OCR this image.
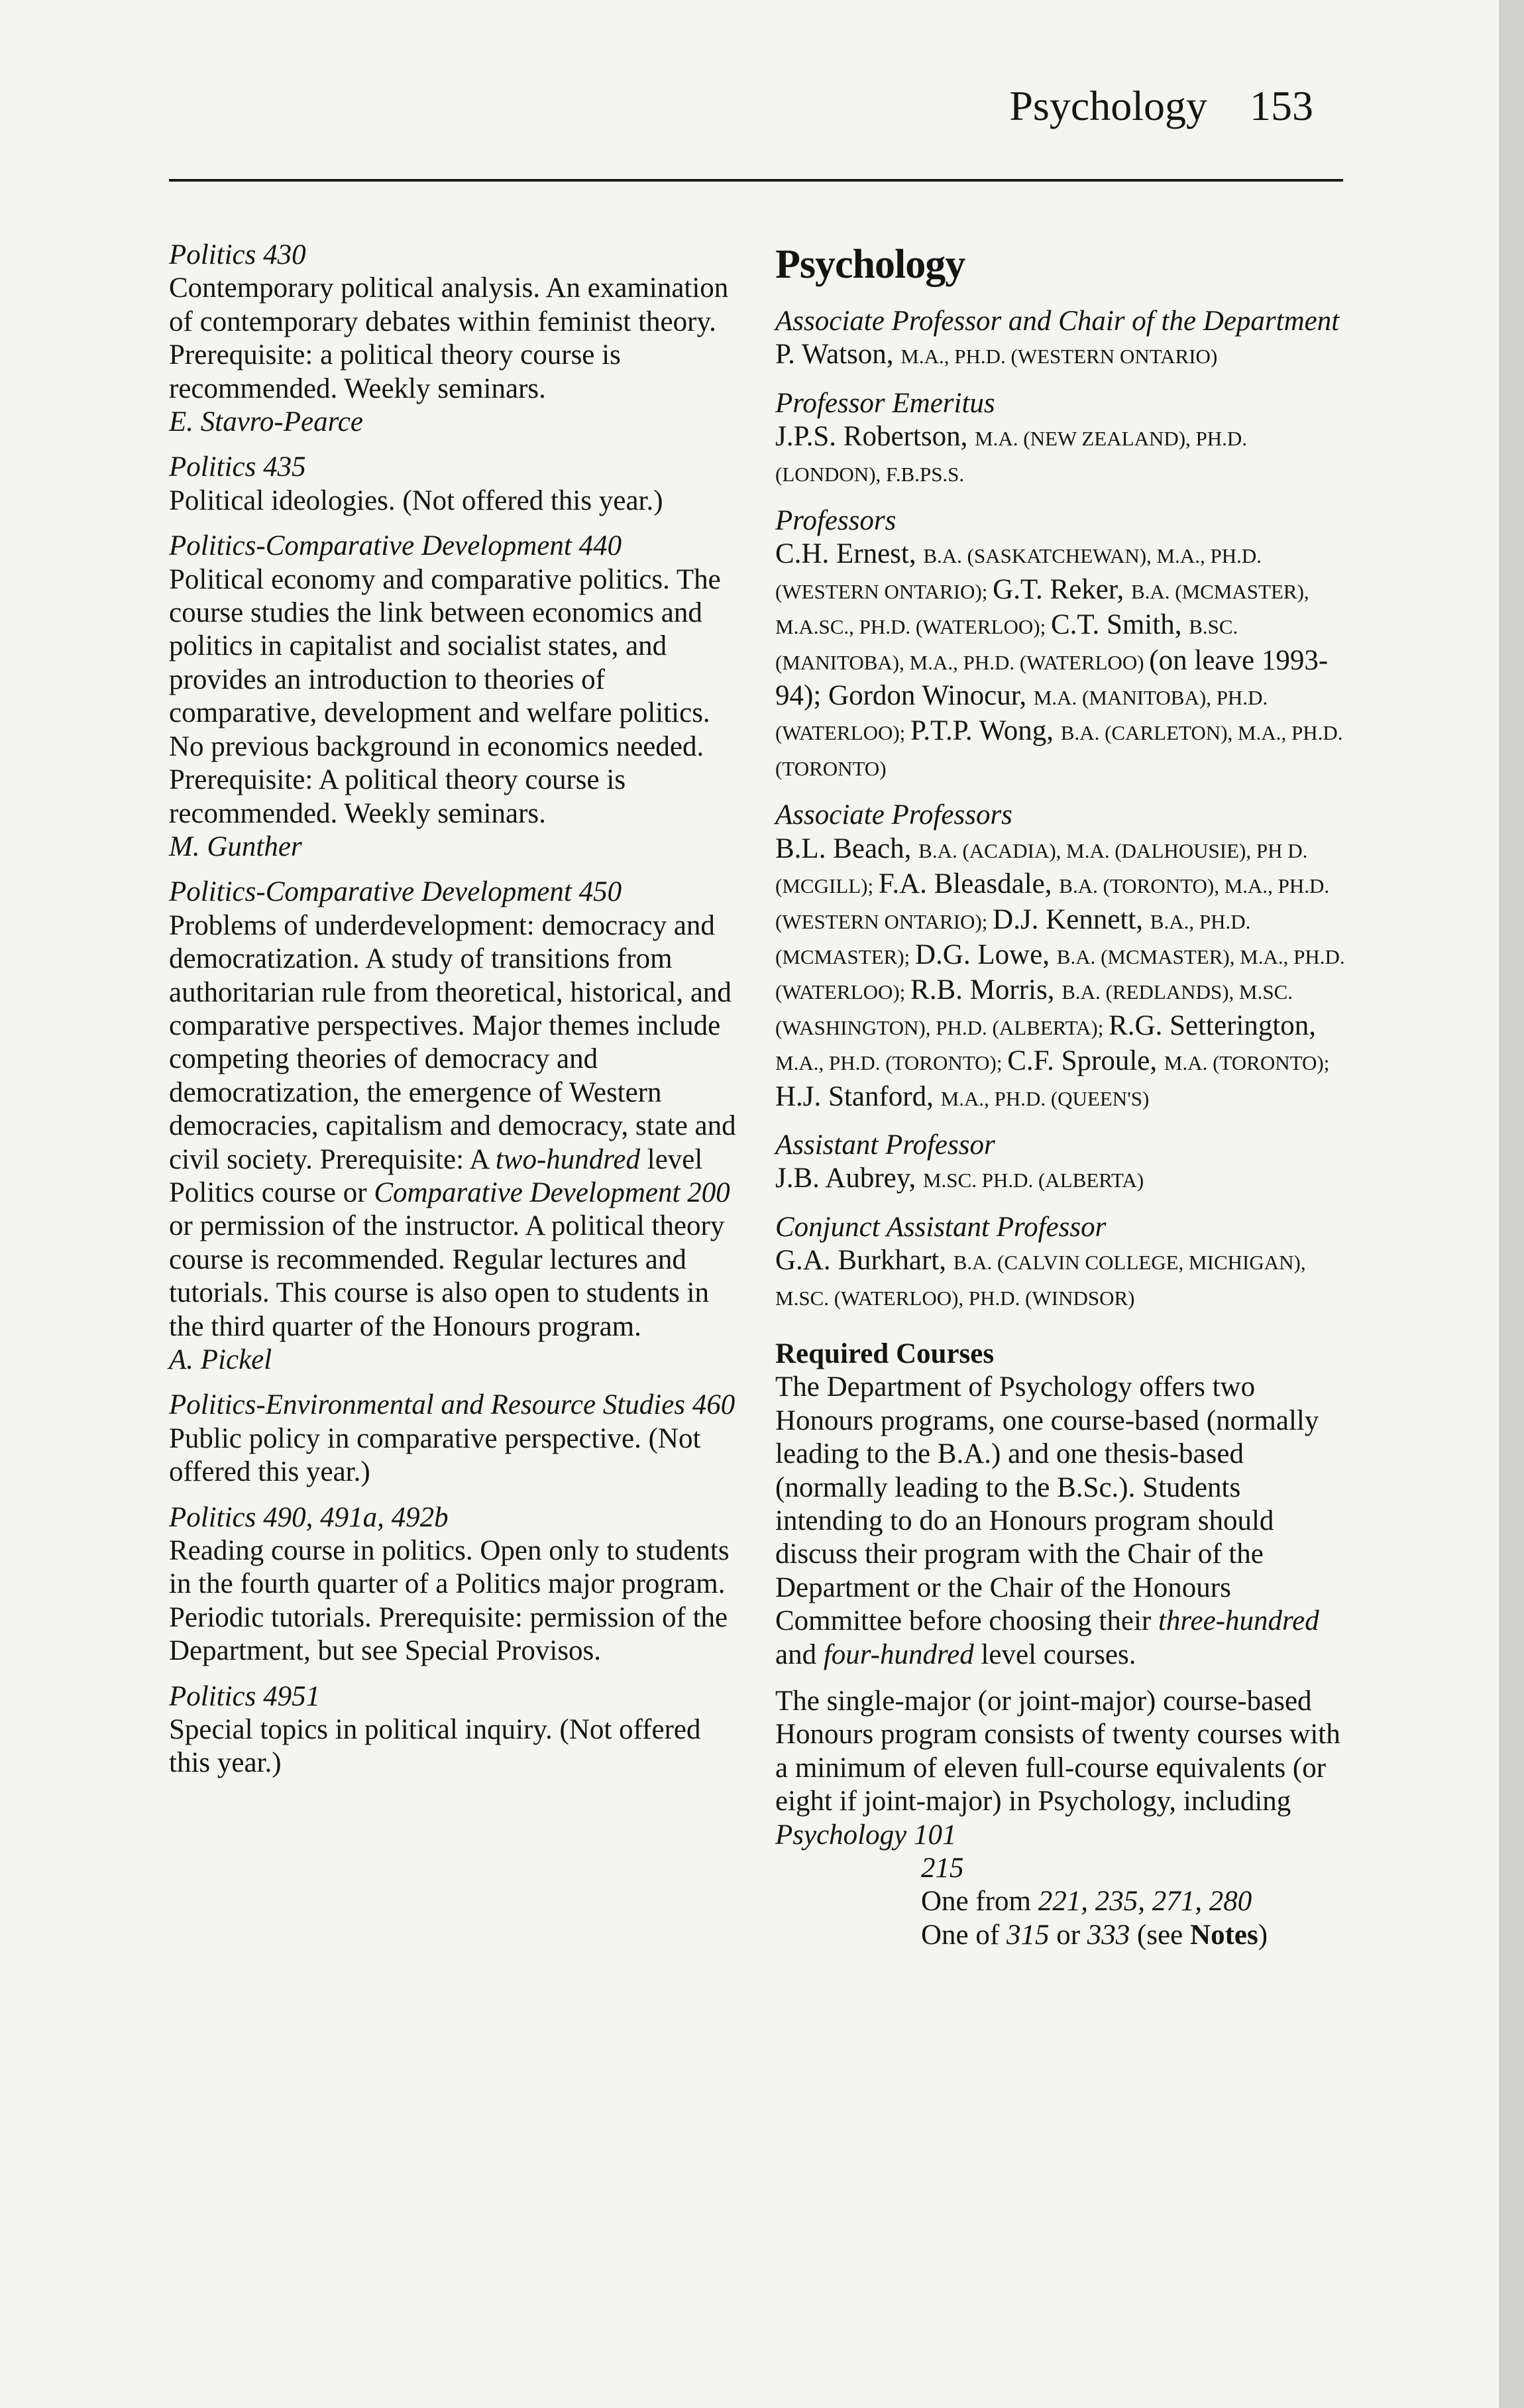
Psychology 153
Politics 430
Contemporary political analysis. An examination of contemporary debates within feminist theory. Prerequisite: a political theory course is recommended. Weekly seminars.
E. Stavro-Pearce
Politics 435
Political ideologies. (Not offered this year.)
Politics-Comparative Development 440
Political economy and comparative politics. The course studies the link between economics and politics in capitalist and socialist states, and provides an introduction to theories of comparative, development and welfare politics. No previous background in economics needed. Prerequisite: A political theory course is recommended. Weekly seminars.
M. Gunther
Politics-Comparative Development 450
Problems of underdevelopment: democracy and democratization. A study of transitions from authoritarian rule from theoretical, historical, and comparative perspectives. Major themes include competing theories of democracy and democratization, the emergence of Western democracies, capitalism and democracy, state and civil society. Prerequisite: A two-hundred level Politics course or Comparative Development 200 or permission of the instructor. A political theory course is recommended. Regular lectures and tutorials. This course is also open to students in the third quarter of the Honours program.
A. Pickel
Politics-Environmental and Resource Studies 460
Public policy in comparative perspective. (Not offered this year.)
Politics 490, 491a, 492b
Reading course in politics. Open only to students in the fourth quarter of a Politics major program. Periodic tutorials. Prerequisite: permission of the Department, but see Special Provisos.
Politics 4951
Special topics in political inquiry. (Not offered this year.)
Psychology
Associate Professor and Chair of the Department
P. Watson, M.A., PH.D. (WESTERN ONTARIO)
Professor Emeritus
J.P.S. Robertson, M.A. (NEW ZEALAND), PH.D. (LONDON), F.B.PS.S.
Professors
C.H. Ernest, B.A. (SASKATCHEWAN), M.A., PH.D. (WESTERN ONTARIO); G.T. Reker, B.A. (MCMASTER), M.A.SC., PH.D. (WATERLOO); C.T. Smith, B.SC. (MANITOBA), M.A., PH.D. (WATERLOO) (on leave 1993-94); Gordon Winocur, M.A. (MANITOBA), PH.D. (WATERLOO); P.T.P. Wong, B.A. (CARLETON), M.A., PH.D. (TORONTO)
Associate Professors
B.L. Beach, B.A. (ACADIA), M.A. (DALHOUSIE), PH D. (MCGILL); F.A. Bleasdale, B.A. (TORONTO), M.A., PH.D. (WESTERN ONTARIO); D.J. Kennett, B.A., PH.D. (MCMASTER); D.G. Lowe, B.A. (MCMASTER), M.A., PH.D. (WATERLOO); R.B. Morris, B.A. (REDLANDS), M.SC. (WASHINGTON), PH.D. (ALBERTA); R.G. Setterington, M.A., PH.D. (TORONTO); C.F. Sproule, M.A. (TORONTO); H.J. Stanford, M.A., PH.D. (QUEEN'S)
Assistant Professor
J.B. Aubrey, M.SC. PH.D. (ALBERTA)
Conjunct Assistant Professor
G.A. Burkhart, B.A. (CALVIN COLLEGE, MICHIGAN), M.SC. (WATERLOO), PH.D. (WINDSOR)
Required Courses
The Department of Psychology offers two Honours programs, one course-based (normally leading to the B.A.) and one thesis-based (normally leading to the B.Sc.). Students intending to do an Honours program should discuss their program with the Chair of the Department or the Chair of the Honours Committee before choosing their three-hundred and four-hundred level courses.
The single-major (or joint-major) course-based Honours program consists of twenty courses with a minimum of eleven full-course equivalents (or eight if joint-major) in Psychology, including
Psychology 101
215
One from 221, 235, 271, 280
One of 315 or 333 (see Notes)
